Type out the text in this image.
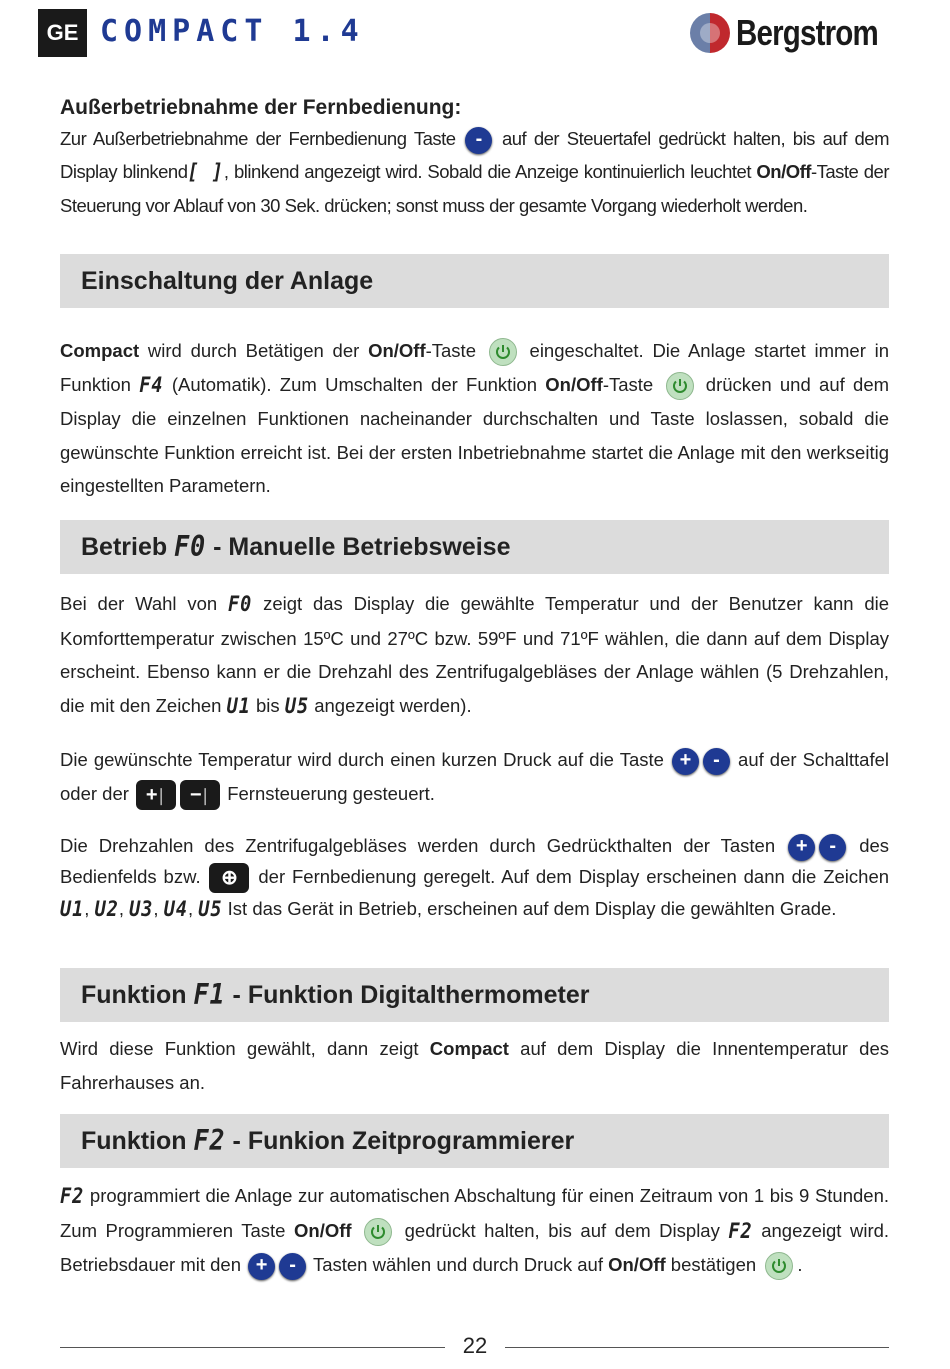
GE COMPACT 1.4	Bergstrom
Außerbetriebnahme der Fernbedienung:

Zur Außerbetriebnahme der Fernbedienung Taste - auf der Steuertafel gedrückt halten, bis auf dem Display blinkend[ ], blinkend angezeigt wird. Sobald die Anzeige kontinuierlich leuchtet On/Off-Taste der Steuerung vor Ablauf von 30 Sek. drücken; sonst muss der gesamte Vorgang wiederholt werden.

Einschaltung der Anlage

Compact wird durch Betätigen der On/Off-Taste	eingeschaltet. Die Anlage startet immer in Funktion F4 (Automatik). Zum Umschalten der Funktion On/Off-Taste	drücken und auf dem Display die einzelnen Funktionen nacheinander durchschalten und Taste loslassen, sobald die gewünschte Funktion erreicht ist. Bei der ersten Inbetriebnahme startet die Anlage mit den werkseitig eingestellten Parametern.

Betrieb F0 - Manuelle Betriebsweise

Bei der Wahl von F0 zeigt das Display die gewählte Temperatur und der Benutzer kann die Komforttemperatur zwischen 15ºC und 27ºC bzw. 59ºF und 71ºF wählen, die dann auf dem Display erscheint. Ebenso kann er die Drehzahl des Zentrifugalgebläses der Anlage wählen (5 Drehzahlen, die mit den Zeichen U1 bis U5 angezeigt werden).

Die gewünschte Temperatur wird durch einen kurzen Druck auf die Taste + - auf der Schalttafel oder der +│ −│ Fernsteuerung gesteuert.

Die Drehzahlen des Zentrifugalgebläses werden durch Gedrückthalten der Tasten + - des Bedienfelds bzw. ⊕ der Fernbedienung geregelt. Auf dem Display erscheinen dann die Zeichen U1, U2, U3, U4, U5 Ist das Gerät in Betrieb, erscheinen auf dem Display die gewählten Grade.

Funktion F1 - Funktion Digitalthermometer

Wird diese Funktion gewählt, dann zeigt Compact auf dem Display die Innentemperatur des Fahrerhauses an.

Funktion F2 - Funkion Zeitprogrammierer

F2 programmiert die Anlage zur automatischen Abschaltung für einen Zeitraum von 1 bis 9 Stunden. Zum Programmieren Taste On/Off	gedrückt halten, bis auf dem Display F2 angezeigt wird. Betriebsdauer mit den + - Tasten wählen und durch Druck auf On/Off bestätigen .

22
